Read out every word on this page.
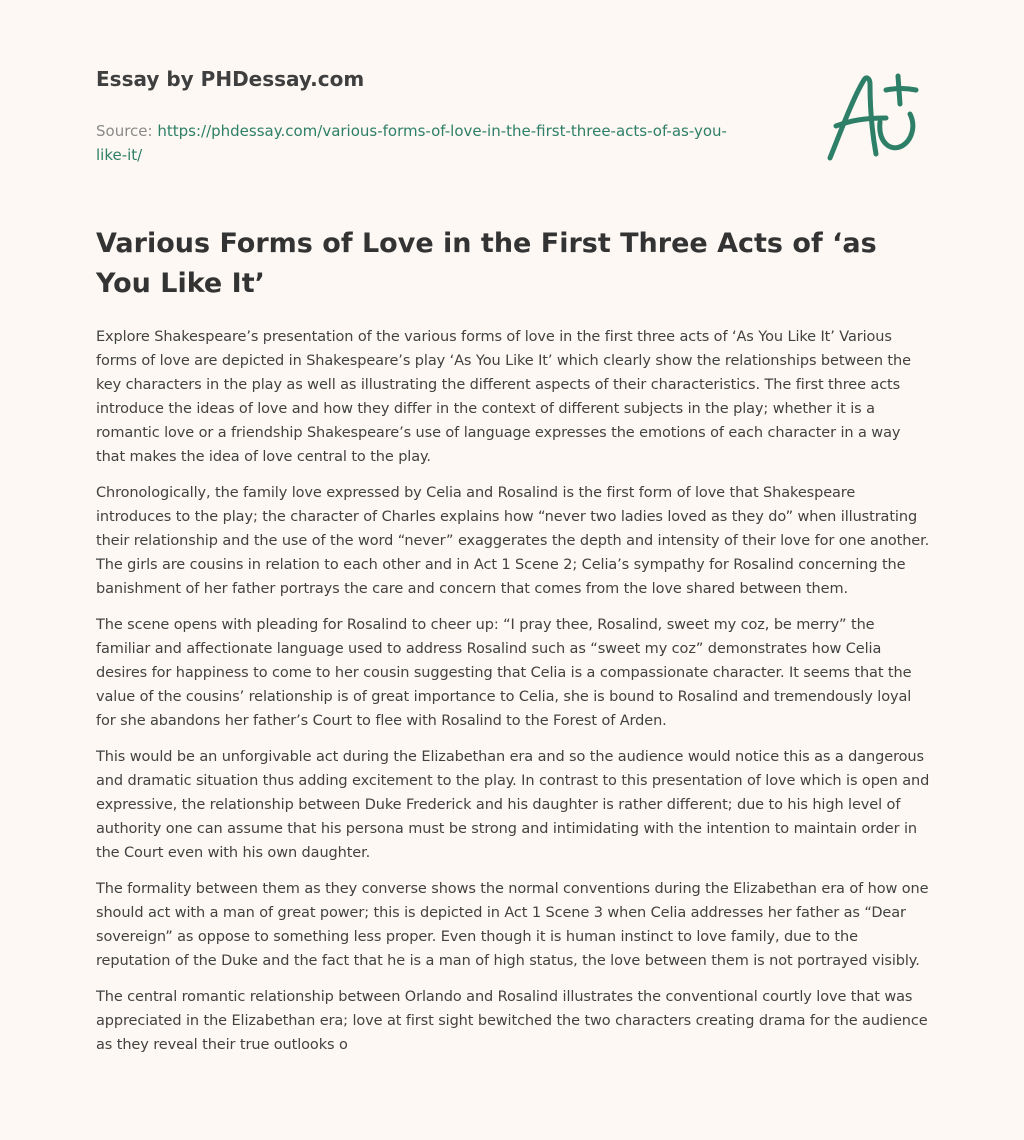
Essay by PHDessay.com

Source: https://phdessay.com/various-forms-of-love-in-the-first-three-acts-of-as-you-like-it/

Various Forms of Love in the First Three Acts of ‘as You Like It’

Explore Shakespeare’s presentation of the various forms of love in the first three acts of ‘As You Like It’ Various forms of love are depicted in Shakespeare’s play ‘As You Like It’ which clearly show the relationships between the key characters in the play as well as illustrating the different aspects of their characteristics. The first three acts introduce the ideas of love and how they differ in the context of different subjects in the play; whether it is a romantic love or a friendship Shakespeare’s use of language expresses the emotions of each character in a way that makes the idea of love central to the play.

Chronologically, the family love expressed by Celia and Rosalind is the first form of love that Shakespeare introduces to the play; the character of Charles explains how “never two ladies loved as they do” when illustrating their relationship and the use of the word “never” exaggerates the depth and intensity of their love for one another. The girls are cousins in relation to each other and in Act 1 Scene 2; Celia’s sympathy for Rosalind concerning the banishment of her father portrays the care and concern that comes from the love shared between them.

The scene opens with pleading for Rosalind to cheer up: “I pray thee, Rosalind, sweet my coz, be merry” the familiar and affectionate language used to address Rosalind such as “sweet my coz” demonstrates how Celia desires for happiness to come to her cousin suggesting that Celia is a compassionate character. It seems that the value of the cousins’ relationship is of great importance to Celia, she is bound to Rosalind and tremendously loyal for she abandons her father’s Court to flee with Rosalind to the Forest of Arden.

This would be an unforgivable act during the Elizabethan era and so the audience would notice this as a dangerous and dramatic situation thus adding excitement to the play. In contrast to this presentation of love which is open and expressive, the relationship between Duke Frederick and his daughter is rather different; due to his high level of authority one can assume that his persona must be strong and intimidating with the intention to maintain order in the Court even with his own daughter.

The formality between them as they converse shows the normal conventions during the Elizabethan era of how one should act with a man of great power; this is depicted in Act 1 Scene 3 when Celia addresses her father as “Dear sovereign” as oppose to something less proper. Even though it is human instinct to love family, due to the reputation of the Duke and the fact that he is a man of high status, the love between them is not portrayed visibly.

The central romantic relationship between Orlando and Rosalind illustrates the conventional courtly love that was appreciated in the Elizabethan era; love at first sight bewitched the two characters creating drama for the audience as they reveal their true outlooks o
